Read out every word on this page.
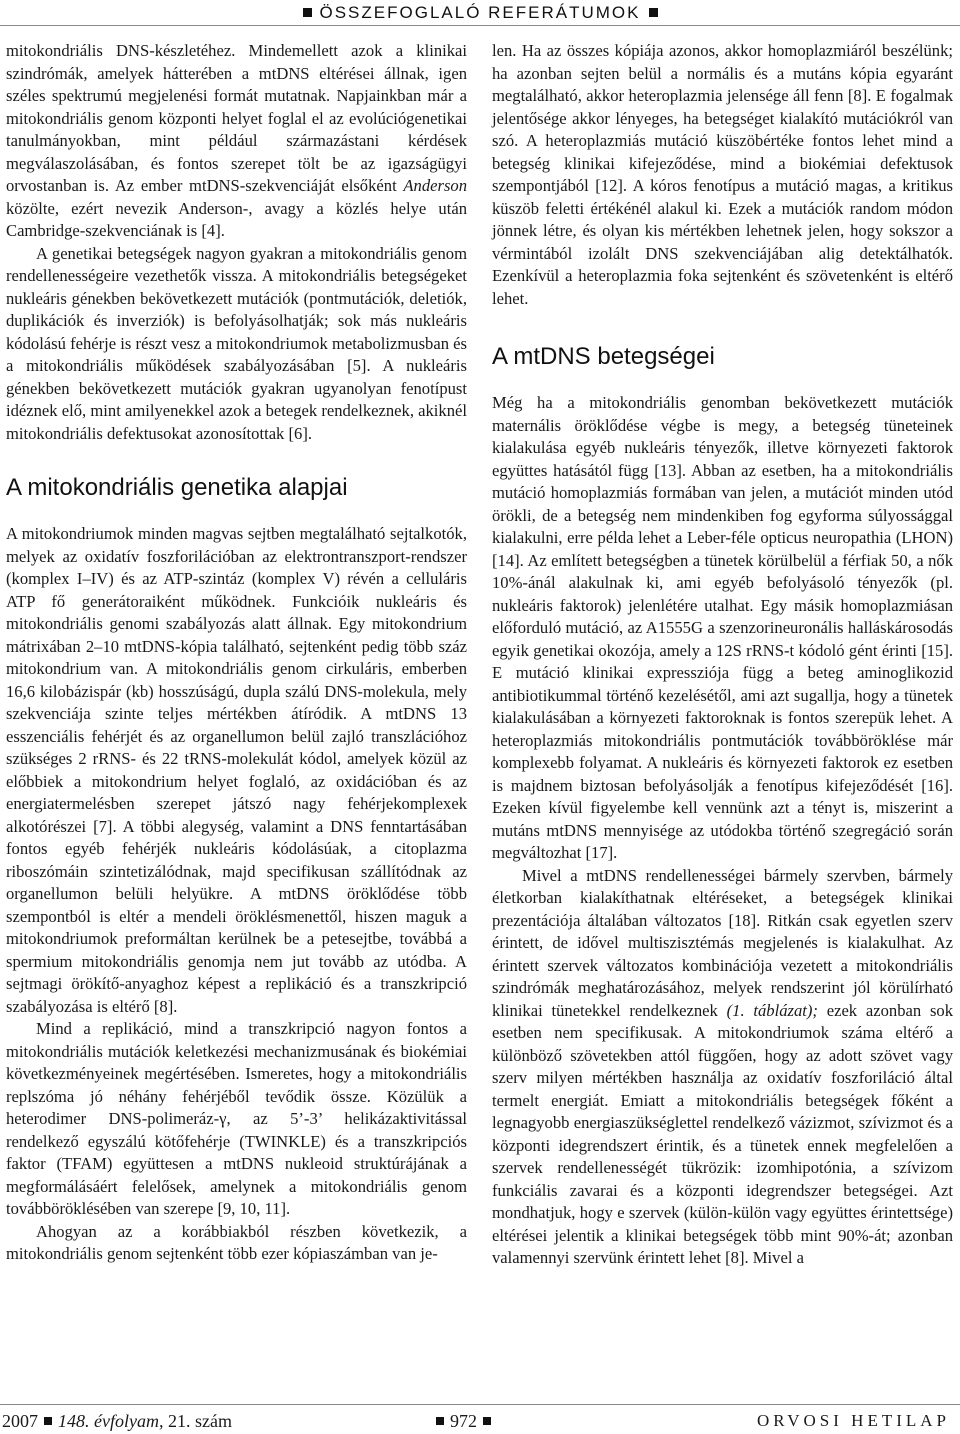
ÖSSZEFOGLALÓ REFERÁTUMOK

mitokondriális DNS-készletéhez. Mindemellett azok a klinikai szindrómák, amelyek hátterében a mtDNS eltérései állnak, igen széles spektrumú megjelenési formát mutatnak. Napjainkban már a mitokondriális genom központi helyet foglal el az evolúciógenetikai tanulmányokban, mint például származástani kérdések megválaszolásában, és fontos szerepet tölt be az igazságügyi orvostanban is. Az ember mtDNS-szekvenciáját elsőként Anderson közölte, ezért nevezik Anderson-, avagy a közlés helye után Cambridge-szekvenciának is [4].

A genetikai betegségek nagyon gyakran a mitokondriális genom rendellenességeire vezethetők vissza. A mitokondriális betegségeket nukleáris génekben bekövetkezett mutációk (pontmutációk, deletiók, duplikációk és inverziók) is befolyásolhatják; sok más nukleáris kódolású fehérje is részt vesz a mitokondriumok metabolizmusban és a mitokondriális működések szabályozásában [5]. A nukleáris génekben bekövetkezett mutációk gyakran ugyanolyan fenotípust idéznek elő, mint amilyenekkel azok a betegek rendelkeznek, akiknél mitokondriális defektusokat azonosítottak [6].

A mitokondriális genetika alapjai

A mitokondriumok minden magvas sejtben megtalálható sejtalkotók, melyek az oxidatív foszforilációban az elektrontranszport-rendszer (komplex I–IV) és az ATP-szintáz (komplex V) révén a celluláris ATP fő generátoraiként működnek. Funkcióik nukleáris és mitokondriális genomi szabályozás alatt állnak. Egy mitokondrium mátrixában 2–10 mtDNS-kópia található, sejtenként pedig több száz mitokondrium van. A mitokondriális genom cirkuláris, emberben 16,6 kilobázispár (kb) hosszúságú, dupla szálú DNS-molekula, mely szekvenciája szinte teljes mértékben átíródik. A mtDNS 13 esszenciális fehérjét és az organellumon belül zajló transzlációhoz szükséges 2 rRNS- és 22 tRNS-molekulát kódol, amelyek közül az előbbiek a mitokondrium helyet foglaló, az oxidációban és az energiatermelésben szerepet játszó nagy fehérjekomplexek alkotórészei [7]. A többi alegység, valamint a DNS fenntartásában fontos egyéb fehérjék nukleáris kódolásúak, a citoplazma riboszómáin szintetizálódnak, majd specifikusan szállítódnak az organellumon belüli helyükre. A mtDNS öröklődése több szempontból is eltér a mendeli öröklésmenettől, hiszen maguk a mitokondriumok preformáltan kerülnek be a petesejtbe, továbbá a spermium mitokondriális genomja nem jut tovább az utódba. A sejtmagi örökítő-anyaghoz képest a replikáció és a transzkripció szabályozása is eltérő [8].

Mind a replikáció, mind a transzkripció nagyon fontos a mitokondriális mutációk keletkezési mechanizmusának és biokémiai következményeinek megértésében. Ismeretes, hogy a mitokondriális replszóma jó néhány fehérjéből tevődik össze. Közülük a heterodimer DNS-polimeráz-γ, az 5’-3’ helikázaktivitással rendelkező egyszálú kötőfehérje (TWINKLE) és a transzkripciós faktor (TFAM) együttesen a mtDNS nukleoid struktúrájának a megformálásáért felelősek, amelynek a mitokondriális genom továbböröklésében van szerepe [9, 10, 11].

Ahogyan az a korábbiakból részben következik, a mitokondriális genom sejtenként több ezer kópiaszámban van je-

len. Ha az összes kópiája azonos, akkor homoplazmiáról beszélünk; ha azonban sejten belül a normális és a mutáns kópia egyaránt megtalálható, akkor heteroplazmia jelensége áll fenn [8]. E fogalmak jelentősége akkor lényeges, ha betegséget kialakító mutációkról van szó. A heteroplazmiás mutáció küszöbértéke fontos lehet mind a betegség klinikai kifejeződése, mind a biokémiai defektusok szempontjából [12]. A kóros fenotípus a mutáció magas, a kritikus küszöb feletti értékénél alakul ki. Ezek a mutációk random módon jönnek létre, és olyan kis mértékben lehetnek jelen, hogy sokszor a vérmintából izolált DNS szekvenciájában alig detektálhatók. Ezenkívül a heteroplazmia foka sejtenként és szövetenként is eltérő lehet.

A mtDNS betegségei

Még ha a mitokondriális genomban bekövetkezett mutációk maternális öröklődése végbe is megy, a betegség tüneteinek kialakulása egyéb nukleáris tényezők, illetve környezeti faktorok együttes hatásától függ [13]. Abban az esetben, ha a mitokondriális mutáció homoplazmiás formában van jelen, a mutációt minden utód örökli, de a betegség nem mindenkiben fog egyforma súlyossággal kialakulni, erre példa lehet a Leber-féle opticus neuropathia (LHON) [14]. Az említett betegségben a tünetek körülbelül a férfiak 50, a nők 10%-ánál alakulnak ki, ami egyéb befolyásoló tényezők (pl. nukleáris faktorok) jelenlétére utalhat. Egy másik homoplazmiásan előforduló mutáció, az A1555G a szenzorineuronális halláskárosodás egyik genetikai okozója, amely a 12S rRNS-t kódoló gént érinti [15]. E mutáció klinikai expressziója függ a beteg aminoglikozid antibiotikummal történő kezelésétől, ami azt sugallja, hogy a tünetek kialakulásában a környezeti faktoroknak is fontos szerepük lehet. A heteroplazmiás mitokondriális pontmutációk továbböröklése már komplexebb folyamat. A nukleáris és környezeti faktorok ez esetben is majdnem biztosan befolyásolják a fenotípus kifejeződését [16]. Ezeken kívül figyelembe kell vennünk azt a tényt is, miszerint a mutáns mtDNS mennyisége az utódokba történő szegregáció során megváltozhat [17].

Mivel a mtDNS rendellenességei bármely szervben, bármely életkorban kialakíthatnak eltéréseket, a betegségek klinikai prezentációja általában változatos [18]. Ritkán csak egyetlen szerv érintett, de idővel multiszisztémás megjelenés is kialakulhat. Az érintett szervek változatos kombinációja vezetett a mitokondriális szindrómák meghatározásához, melyek rendszerint jól körülírható klinikai tünetekkel rendelkeznek (1. táblázat); ezek azonban sok esetben nem specifikusak. A mitokondriumok száma eltérő a különböző szövetekben attól függően, hogy az adott szövet vagy szerv milyen mértékben használja az oxidatív foszforiláció által termelt energiát. Emiatt a mitokondriális betegségek főként a legnagyobb energiaszükséglettel rendelkező vázizmot, szívizmot és a központi idegrendszert érintik, és a tünetek ennek megfelelően a szervek rendellenességét tükrözik: izomhipotónia, a szívizom funkciális zavarai és a központi idegrendszer betegségei. Azt mondhatjuk, hogy e szervek (külön-külön vagy együttes érintettsége) eltérései jelentik a klinikai betegségek több mint 90%-át; azonban valamennyi szervünk érintett lehet [8]. Mivel a

2007 148. évfolyam, 21. szám	972	ORVOSI HETILAP
